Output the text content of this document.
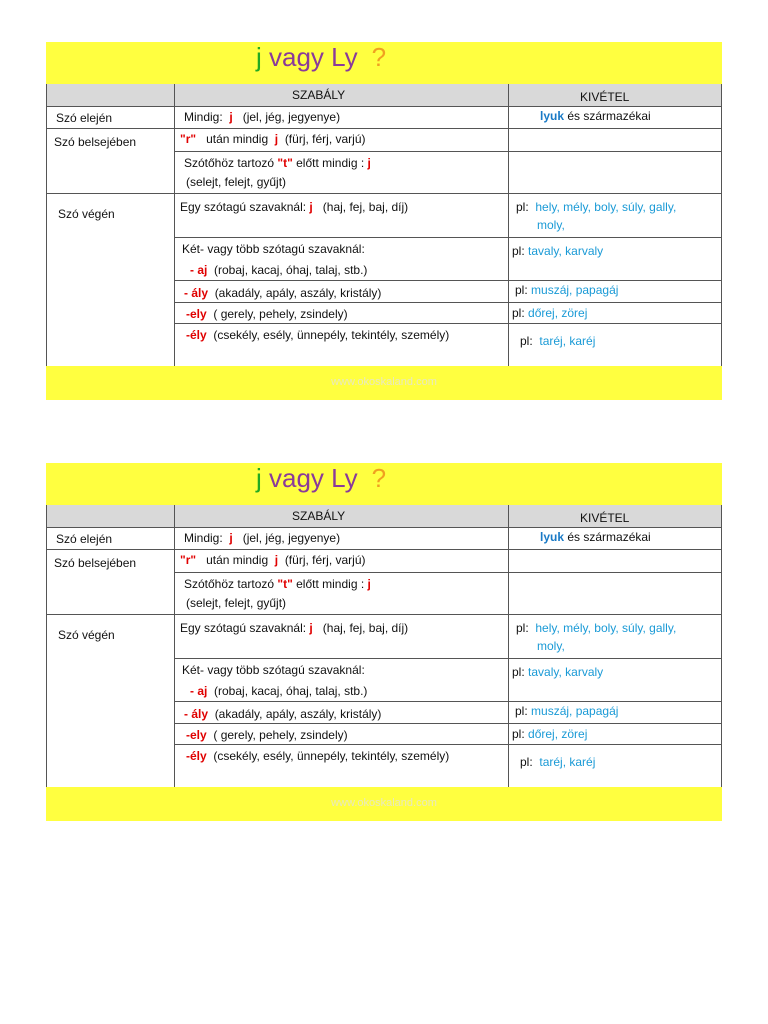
j vagy Ly ?
SZABÁLY	KIVÉTEL
Szó elején	Mindig: j (jel, jég, jegyenye)	lyuk és származékai
Szó belsejében	"r" után mindig j (fürj, férj, varjú)
Szótőhöz tartozó "t" előtt mindig : j
(selejt, felejt, gyűjt)
Szó végén	Egy szótagú szavaknál: j (haj, fej, baj, díj)	pl: hely, mély, boly, súly, gally,
moly,
Két- vagy több szótagú szavaknál:	pl: tavaly, karvaly
- aj (robaj, kacaj, óhaj, talaj, stb.)
- ály (akadály, apály, aszály, kristály)	pl: muszáj, papagáj
-ely ( gerely, pehely, zsindely)	pl: dőrej, zörej
-ély (csekély, esély, ünnepély, tekintély, személy)	pl: taréj, karéj
www.okoskaland.com
j vagy Ly ?
SZABÁLY	KIVÉTEL
Szó elején	Mindig: j (jel, jég, jegyenye)	lyuk és származékai
Szó belsejében	"r" után mindig j (fürj, férj, varjú)
Szótőhöz tartozó "t" előtt mindig : j
(selejt, felejt, gyűjt)
Szó végén	Egy szótagú szavaknál: j (haj, fej, baj, díj)	pl: hely, mély, boly, súly, gally,
moly,
Két- vagy több szótagú szavaknál:	pl: tavaly, karvaly
- aj (robaj, kacaj, óhaj, talaj, stb.)
- ály (akadály, apály, aszály, kristály)	pl: muszáj, papagáj
-ely ( gerely, pehely, zsindely)	pl: dőrej, zörej
-ély (csekély, esély, ünnepély, tekintély, személy)	pl: taréj, karéj
www.okoskaland.com
